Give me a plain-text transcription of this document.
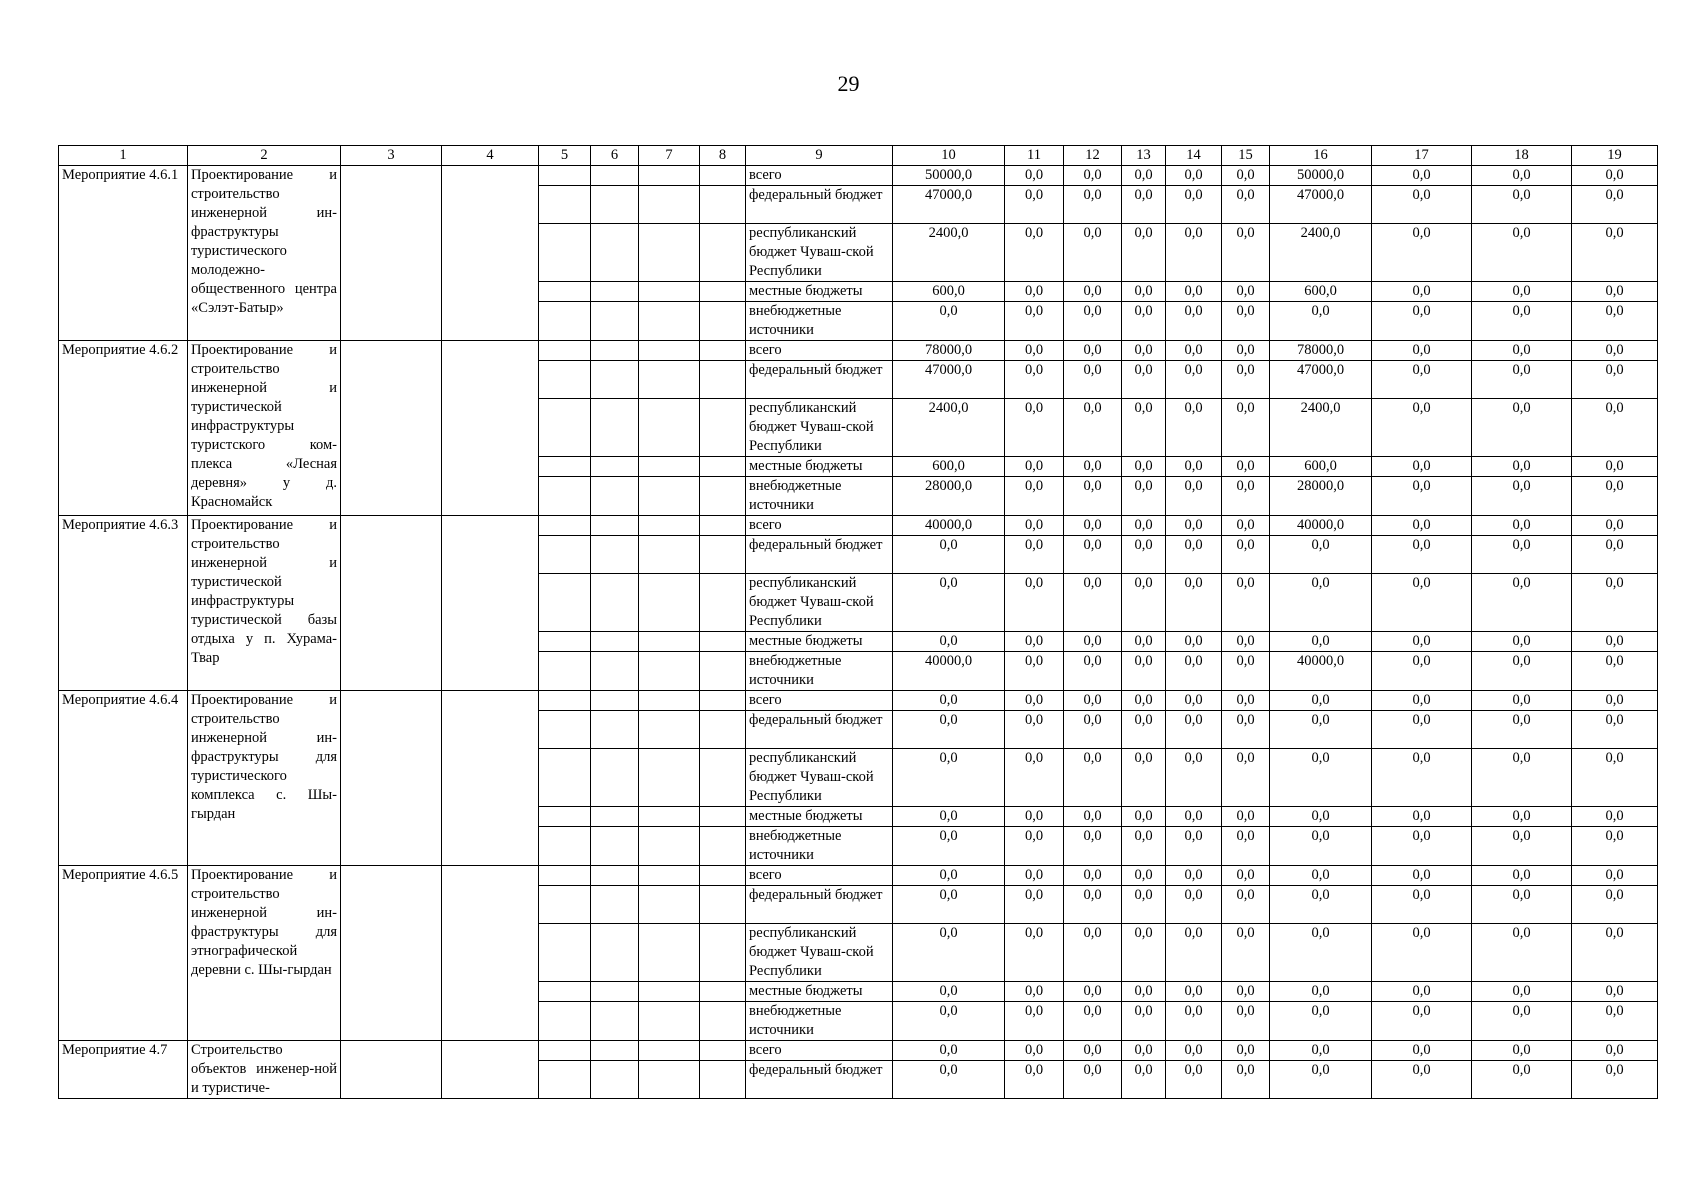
29
1	2	3	4	5	6	7	8	9	10	11	12	13	14	15	16	17	18	19
Мероприятие 4.6.1	Проектирование и строительство инженерной ин-фраструктуры туристического молодежно-общественного центра «Сэлэт-Батыр»							всего	50000,0	0,0	0,0	0,0	0,0	0,0	50000,0	0,0	0,0	0,0
								федеральный бюджет	47000,0	0,0	0,0	0,0	0,0	0,0	47000,0	0,0	0,0	0,0
								республиканский бюджет Чуваш-ской Республики	2400,0	0,0	0,0	0,0	0,0	0,0	2400,0	0,0	0,0	0,0
								местные бюджеты	600,0	0,0	0,0	0,0	0,0	0,0	600,0	0,0	0,0	0,0
								внебюджетные источники	0,0	0,0	0,0	0,0	0,0	0,0	0,0	0,0	0,0	0,0
Мероприятие 4.6.2	Проектирование и строительство инженерной и туристической инфраструктуры туристского ком-плекса «Лесная деревня» у д. Красномайск							всего	78000,0	0,0	0,0	0,0	0,0	0,0	78000,0	0,0	0,0	0,0
								федеральный бюджет	47000,0	0,0	0,0	0,0	0,0	0,0	47000,0	0,0	0,0	0,0
								республиканский бюджет Чуваш-ской Республики	2400,0	0,0	0,0	0,0	0,0	0,0	2400,0	0,0	0,0	0,0
								местные бюджеты	600,0	0,0	0,0	0,0	0,0	0,0	600,0	0,0	0,0	0,0
								внебюджетные источники	28000,0	0,0	0,0	0,0	0,0	0,0	28000,0	0,0	0,0	0,0
Мероприятие 4.6.3	Проектирование и строительство инженерной и туристической инфраструктуры туристической базы отдыха у п. Хурама-Твар							всего	40000,0	0,0	0,0	0,0	0,0	0,0	40000,0	0,0	0,0	0,0
								федеральный бюджет	0,0	0,0	0,0	0,0	0,0	0,0	0,0	0,0	0,0	0,0
								республиканский бюджет Чуваш-ской Республики	0,0	0,0	0,0	0,0	0,0	0,0	0,0	0,0	0,0	0,0
								местные бюджеты	0,0	0,0	0,0	0,0	0,0	0,0	0,0	0,0	0,0	0,0
								внебюджетные источники	40000,0	0,0	0,0	0,0	0,0	0,0	40000,0	0,0	0,0	0,0
Мероприятие 4.6.4	Проектирование и строительство инженерной ин-фраструктуры для туристического комплекса с. Шы-гырдан							всего	0,0	0,0	0,0	0,0	0,0	0,0	0,0	0,0	0,0	0,0
								федеральный бюджет	0,0	0,0	0,0	0,0	0,0	0,0	0,0	0,0	0,0	0,0
								республиканский бюджет Чуваш-ской Республики	0,0	0,0	0,0	0,0	0,0	0,0	0,0	0,0	0,0	0,0
								местные бюджеты	0,0	0,0	0,0	0,0	0,0	0,0	0,0	0,0	0,0	0,0
								внебюджетные источники	0,0	0,0	0,0	0,0	0,0	0,0	0,0	0,0	0,0	0,0
Мероприятие 4.6.5	Проектирование и строительство инженерной ин-фраструктуры для этнографической деревни с. Шы-гырдан							всего	0,0	0,0	0,0	0,0	0,0	0,0	0,0	0,0	0,0	0,0
								федеральный бюджет	0,0	0,0	0,0	0,0	0,0	0,0	0,0	0,0	0,0	0,0
								республиканский бюджет Чуваш-ской Республики	0,0	0,0	0,0	0,0	0,0	0,0	0,0	0,0	0,0	0,0
								местные бюджеты	0,0	0,0	0,0	0,0	0,0	0,0	0,0	0,0	0,0	0,0
								внебюджетные источники	0,0	0,0	0,0	0,0	0,0	0,0	0,0	0,0	0,0	0,0
Мероприятие 4.7	Строительство объектов инженер-ной и туристиче-							всего	0,0	0,0	0,0	0,0	0,0	0,0	0,0	0,0	0,0	0,0
								федеральный бюджет	0,0	0,0	0,0	0,0	0,0	0,0	0,0	0,0	0,0	0,0
